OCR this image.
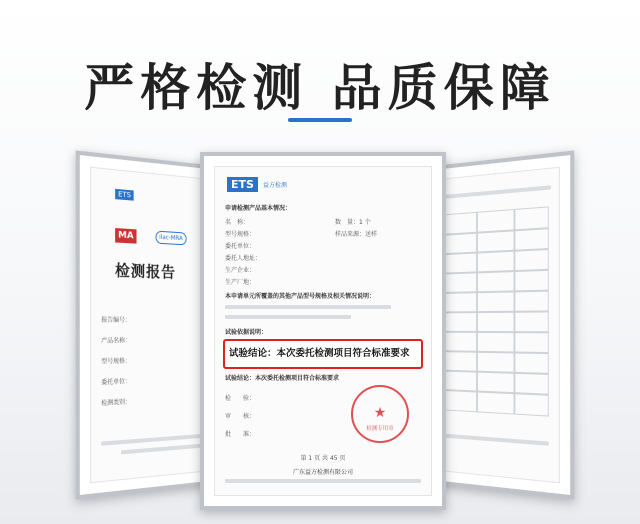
严格检测 品质保障
ETS
MA	ilac-MRA
检测报告
报告编号：
产品名称：
型号规格：
委托单位：
检测类别：
ETS	益方检测
申请检测产品基本情况：
名　称：	数　量：1 个
型号规格：	样品来源：送样
委托单位：
委托人地址：
生产企业：
生产厂地：
本申请单元所覆盖的其他产品型号规格及相关情况说明：
试验依据说明：
试验结论：本次委托检测项目符合标准要求
试验结论：本次委托检测项目符合标准要求
检　　验：
审　　核：
批　　准：
★
检测专用章
第 1 页 共 45 页
广东益方检测有限公司
